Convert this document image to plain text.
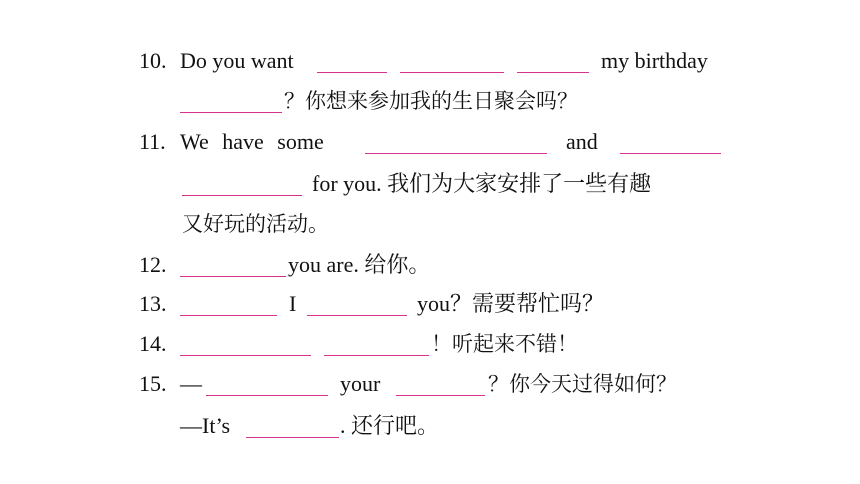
10. Do you want	my birthday
？你想来参加我的生日聚会吗？
11. We have some	and
for you. 我们为大家安排了一些有趣
又好玩的活动。
12.	you are. 给你。
13.	I	you？需要帮忙吗？
14.	！听起来不错！
15. —	your	？你今天过得如何？
—It’s	. 还行吧。
